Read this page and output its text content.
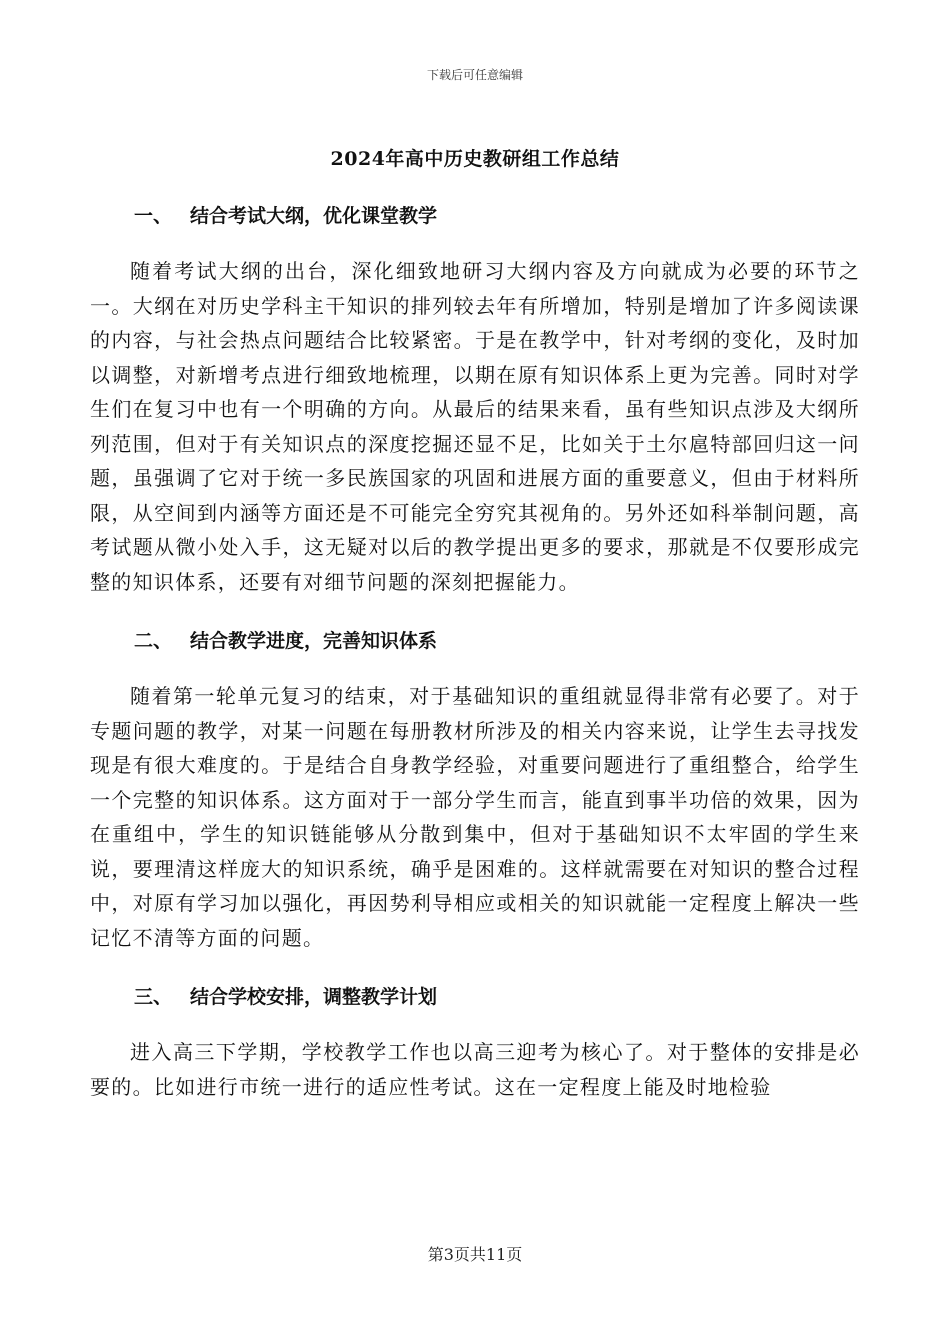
下载后可任意编辑
2024年高中历史教研组工作总结
一、 结合考试大纲，优化课堂教学

随着考试大纲的出台，深化细致地研习大纲内容及方向就成为必要的环节之一。大纲在对历史学科主干知识的排列较去年有所增加，特别是增加了许多阅读课的内容，与社会热点问题结合比较紧密。于是在教学中，针对考纲的变化，及时加以调整，对新增考点进行细致地梳理，以期在原有知识体系上更为完善。同时对学生们在复习中也有一个明确的方向。从最后的结果来看，虽有些知识点涉及大纲所列范围，但对于有关知识点的深度挖掘还显不足，比如关于土尔扈特部回归这一问题，虽强调了它对于统一多民族国家的巩固和进展方面的重要意义，但由于材料所限，从空间到内涵等方面还是不可能完全穷究其视角的。另外还如科举制问题，高考试题从微小处入手，这无疑对以后的教学提出更多的要求，那就是不仅要形成完整的知识体系，还要有对细节问题的深刻把握能力。

二、 结合教学进度，完善知识体系

随着第一轮单元复习的结束，对于基础知识的重组就显得非常有必要了。对于专题问题的教学，对某一问题在每册教材所涉及的相关内容来说，让学生去寻找发现是有很大难度的。于是结合自身教学经验，对重要问题进行了重组整合，给学生一个完整的知识体系。这方面对于一部分学生而言，能直到事半功倍的效果，因为在重组中，学生的知识链能够从分散到集中，但对于基础知识不太牢固的学生来说，要理清这样庞大的知识系统，确乎是困难的。这样就需要在对知识的整合过程中，对原有学习加以强化，再因势利导相应或相关的知识就能一定程度上解决一些记忆不清等方面的问题。

三、 结合学校安排，调整教学计划

进入高三下学期，学校教学工作也以高三迎考为核心了。对于整体的安排是必要的。比如进行市统一进行的适应性考试。这在一定程度上能及时地检验

第3页共11页
